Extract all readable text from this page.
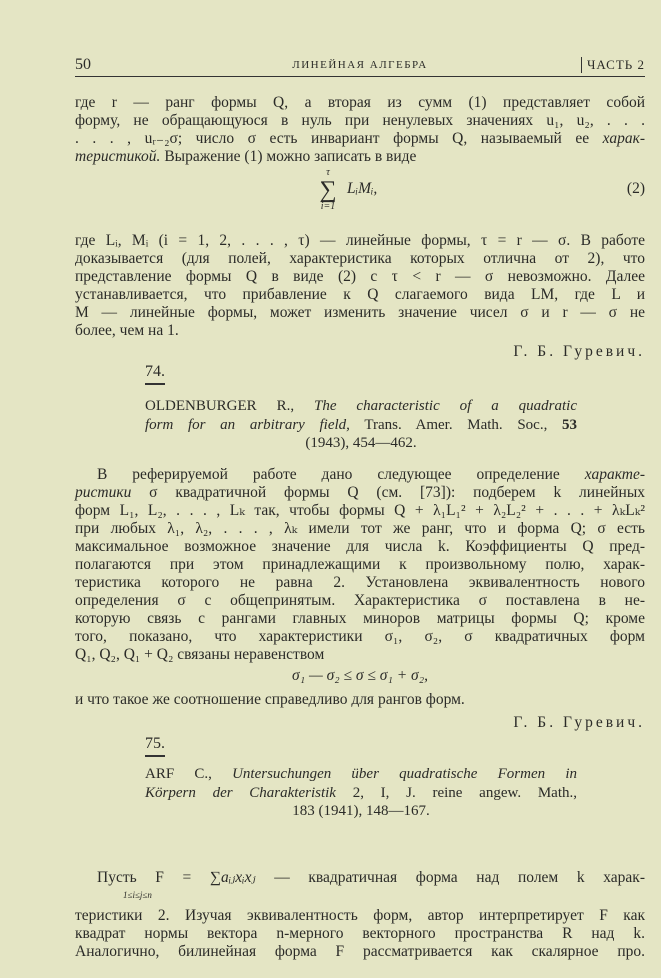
50	ЛИНЕЙНАЯ АЛГЕБРА	ЧАСТЬ 2
где r — ранг формы Q, а вторая из сумм (1) представляет собой
форму, не обращающуюся в нуль при ненулевых значениях u₁, u₂, . . .
. . . , uᵣ₋₂σ; число σ есть инвариант формы Q, называемый ее харак-
теристикой. Выражение (1) можно записать в виде
τ
∑
i=1
LᵢMᵢ,	(2)
где Lᵢ, Mᵢ (i = 1, 2, . . . , τ) — линейные формы, τ = r — σ. В работе
доказывается (для полей, характеристика которых отлична от 2), что
представление формы Q в виде (2) с τ < r — σ невозможно. Далее
устанавливается, что прибавление к Q слагаемого вида LM, где L и
M — линейные формы, может изменить значение чисел σ и r — σ не
более, чем на 1.
Г. Б. Гуревич.
74.
OLDENBURGER R., The characteristic of a quadratic
form for an arbitrary field, Trans. Amer. Math. Soc., 53
(1943), 454—462.
В реферируемой работе дано следующее определение характе-
ристики σ квадратичной формы Q (см. [73]): подберем k линейных
форм L₁, L₂, . . . , Lₖ так, чтобы формы Q + λ₁L₁² + λ₂L₂² + . . . + λₖLₖ²
при любых λ₁, λ₂, . . . , λₖ имели тот же ранг, что и форма Q; σ есть
максимальное возможное значение для числа k. Коэффициенты Q пред-
полагаются при этом принадлежащими к произвольному полю, харак-
теристика которого не равна 2. Установлена эквивалентность нового
определения σ с общепринятым. Характеристика σ поставлена в не-
которую связь с рангами главных миноров матрицы формы Q; кроме
того, показано, что характеристики σ₁, σ₂, σ квадратичных форм
Q₁, Q₂, Q₁ + Q₂ связаны неравенством
σ₁ — σ₂ ≤ σ ≤ σ₁ + σ₂,
и что такое же соотношение справедливо для рангов форм.
Г. Б. Гуревич.
75.
ARF C., Untersuchungen über quadratische Formen in
Körpern der Charakteristik 2, I, J. reine angew. Math.,
183 (1941), 148—167.
Пусть F = ∑aᵢⱼxᵢxⱼ — квадратичная форма над полем k харак-
1≤i≤j≤n
теристики 2. Изучая эквивалентность форм, автор интерпретирует F как
квадрат нормы вектора n-мерного векторного пространства R над k.
Аналогично, билинейная форма F рассматривается как скалярное про.
